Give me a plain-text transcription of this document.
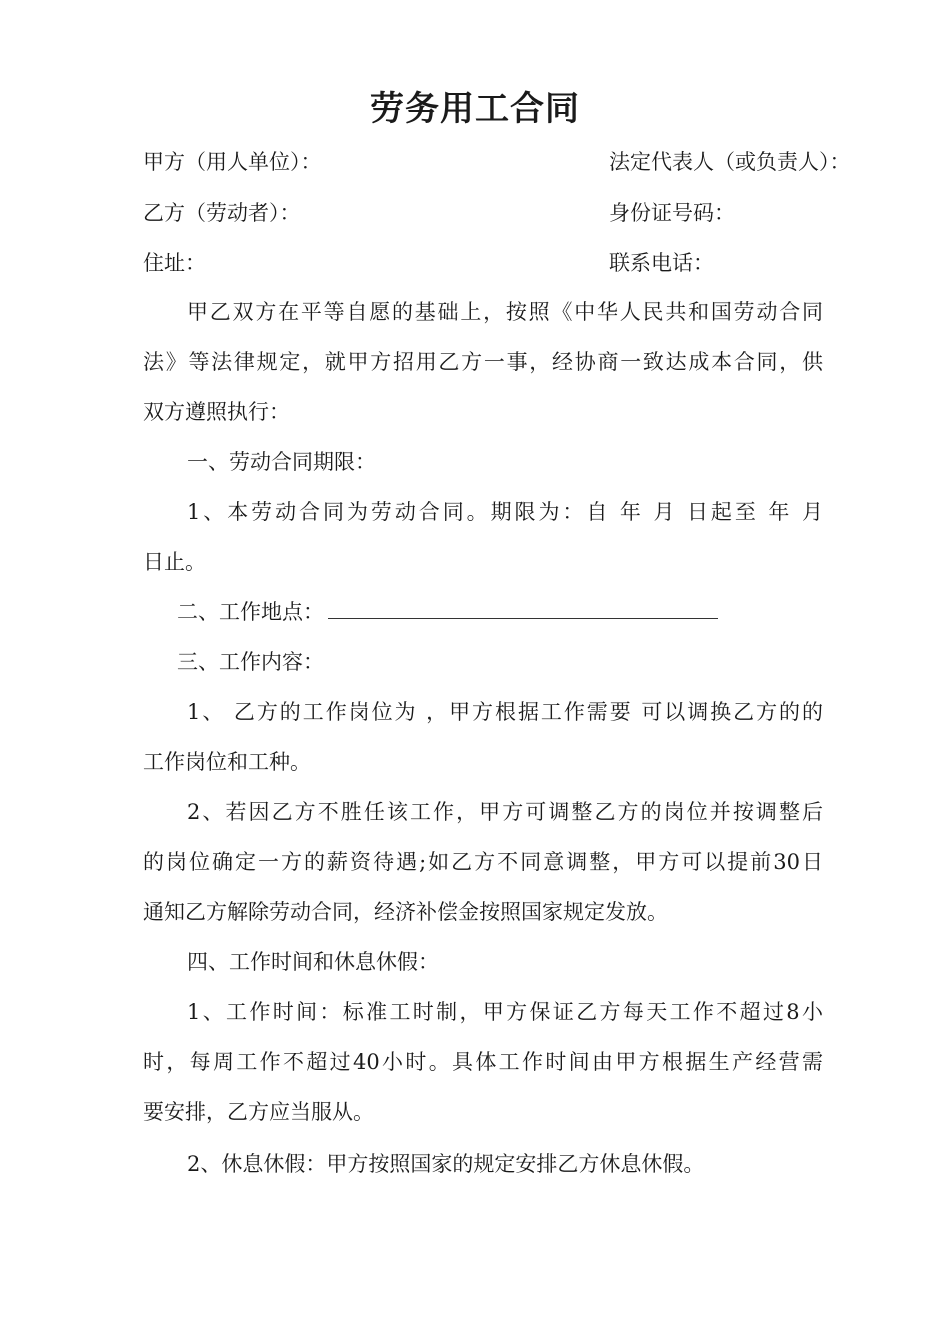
劳务用工合同
甲方（用人单位）：	法定代表人（或负责人）：
乙方（劳动者）：	身份证号码：
住址：	联系电话：
甲乙双方在平等自愿的基础上，按照《中华人民共和国劳动合同
法》等法律规定，就甲方招用乙方一事，经协商一致达成本合同，供
双方遵照执行：
一、劳动合同期限：
1、本劳动合同为劳动合同。期限为：自 年 月 日起至 年 月
日止。
二、工作地点：
三、工作内容：
1、 乙方的工作岗位为 ，甲方根据工作需要 可以调换乙方的的
工作岗位和工种。
2、若因乙方不胜任该工作，甲方可调整乙方的岗位并按调整后
的岗位确定一方的薪资待遇;如乙方不同意调整，甲方可以提前30日
通知乙方解除劳动合同，经济补偿金按照国家规定发放。
四、工作时间和休息休假：
1、工作时间：标准工时制，甲方保证乙方每天工作不超过8小
时，每周工作不超过40小时。具体工作时间由甲方根据生产经营需
要安排，乙方应当服从。
2、休息休假：甲方按照国家的规定安排乙方休息休假。
